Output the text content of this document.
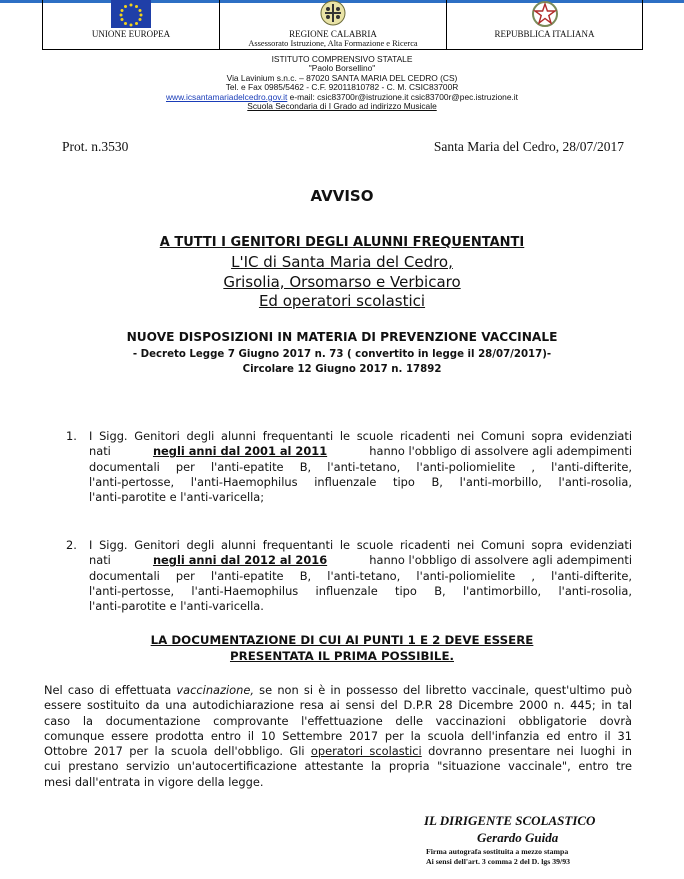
UNIONE EUROPEA	REGIONE CALABRIA
Assessorato Istruzione, Alta Formazione e Ricerca

REPUBBLICA ITALIANA
ISTITUTO COMPRENSIVO STATALE
"Paolo Borsellino"
Via Lavinium s.n.c. – 87020 SANTA MARIA DEL CEDRO (CS)
Tel. e Fax 0985/5462 - C.F. 92011810782 - C. M. CSIC83700R
www.icsantamariadelcedro.gov.it e-mail: csic83700r@istruzione.it csic83700r@pec.istruzione.it
Scuola Secondaria di I Grado ad indirizzo Musicale
Prot. n.3530	Santa Maria del Cedro, 28/07/2017
AVVISO
A TUTTI I GENITORI DEGLI ALUNNI FREQUENTANTI
L'IC di Santa Maria del Cedro,
Grisolia, Orsomarso e Verbicaro
Ed operatori scolastici
NUOVE DISPOSIZIONI IN MATERIA DI PREVENZIONE VACCINALE
- Decreto Legge 7 Giugno 2017 n. 73 ( convertito in legge il 28/07/2017)-
Circolare 12 Giugno 2017 n. 17892
1. I Sigg. Genitori degli alunni frequentanti le scuole ricadenti nei Comuni sopra evidenziati
nati	negli anni dal 2001 al 2011	hanno l'obbligo di assolvere agli adempimenti
documentali per l'anti-epatite B, l'anti-tetano, l'anti-poliomielite , l'anti-difterite,
l'anti-pertosse, l'anti-Haemophilus influenzale tipo B, l'anti-morbillo, l'anti-rosolia,
l'anti-parotite e l'anti-varicella;
2. I Sigg. Genitori degli alunni frequentanti le scuole ricadenti nei Comuni sopra evidenziati
nati	negli anni dal 2012 al 2016	hanno l'obbligo di assolvere agli adempimenti
documentali per l'anti-epatite B, l'anti-tetano, l'anti-poliomielite , l'anti-difterite,
l'anti-pertosse, l'anti-Haemophilus influenzale tipo B, l'antimorbillo, l'anti-rosolia,
l'anti-parotite e l'anti-varicella.
LA DOCUMENTAZIONE DI CUI AI PUNTI 1 E 2 DEVE ESSERE
PRESENTATA IL PRIMA POSSIBILE.
Nel caso di effettuata vaccinazione, se non si è in possesso del libretto vaccinale, quest'ultimo può
essere sostituito da una autodichiarazione resa ai sensi del D.P.R 28 Dicembre 2000 n. 445; in tal
caso la documentazione comprovante l'effettuazione delle vaccinazioni obbligatorie dovrà
comunque essere prodotta entro il 10 Settembre 2017 per la scuola dell'infanzia ed entro il 31
Ottobre 2017 per la scuola dell'obbligo. Gli operatori scolastici dovranno presentare nei luoghi in
cui prestano servizio un'autocertificazione attestante la propria "situazione vaccinale", entro tre
mesi dall'entrata in vigore della legge.
IL DIRIGENTE SCOLASTICO
Gerardo Guida
Firma autografa sostituita a mezzo stampa
Ai sensi dell'art. 3 comma 2 del D. lgs 39/93
